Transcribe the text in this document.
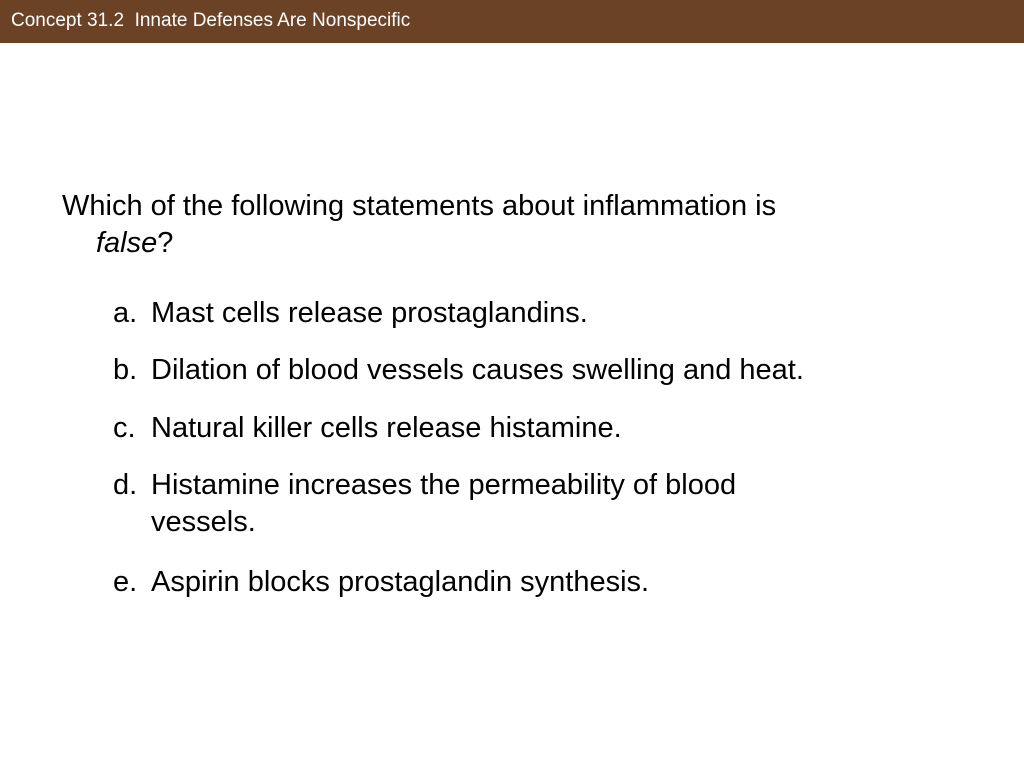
Concept 31.2  Innate Defenses Are Nonspecific
Which of the following statements about inflammation is
false?
a. Mast cells release prostaglandins.
b. Dilation of blood vessels causes swelling and heat.
c. Natural killer cells release histamine.
d. Histamine increases the permeability of blood
vessels.
e. Aspirin blocks prostaglandin synthesis.
